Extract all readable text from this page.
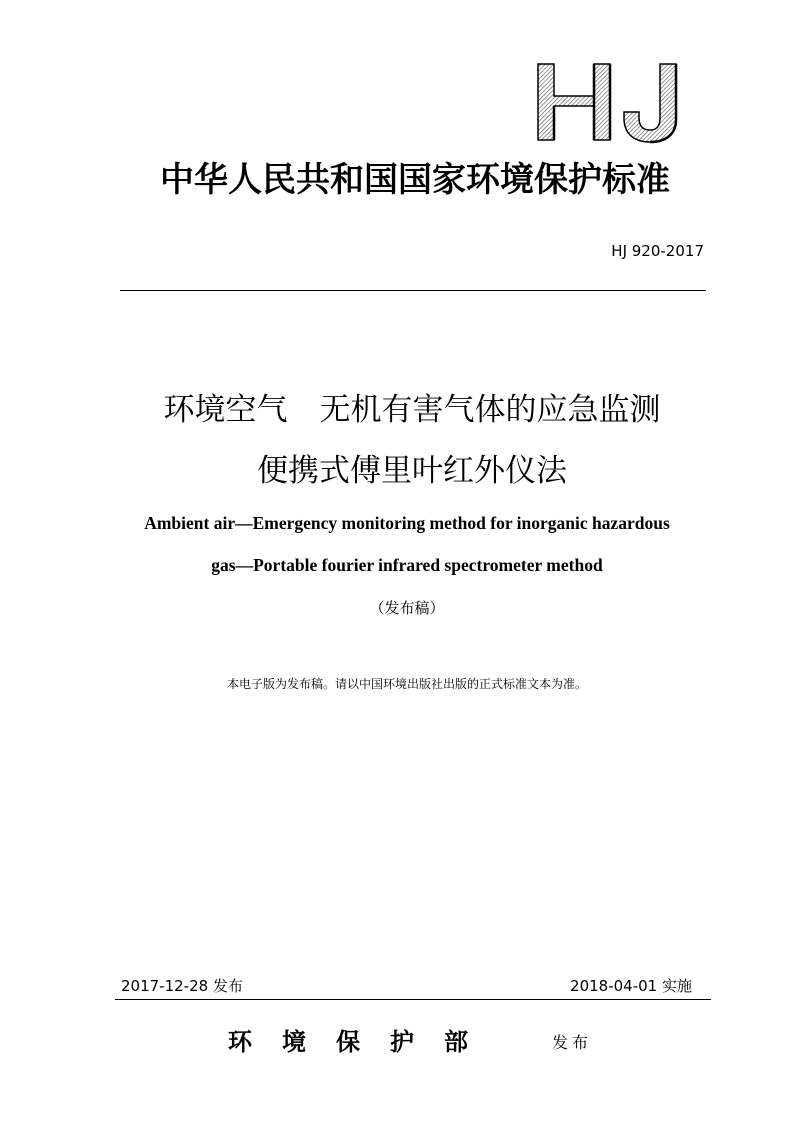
中华人民共和国国家环境保护标准
HJ 920-2017
环境空气 无机有害气体的应急监测
便携式傅里叶红外仪法
Ambient air—Emergency monitoring method for inorganic hazardous
gas—Portable fourier infrared spectrometer method
（发布稿）
本电子版为发布稿。请以中国环境出版社出版的正式标准文本为准。
2017-12-28 发布	2018-04-01 实施
环境保护部	发布
